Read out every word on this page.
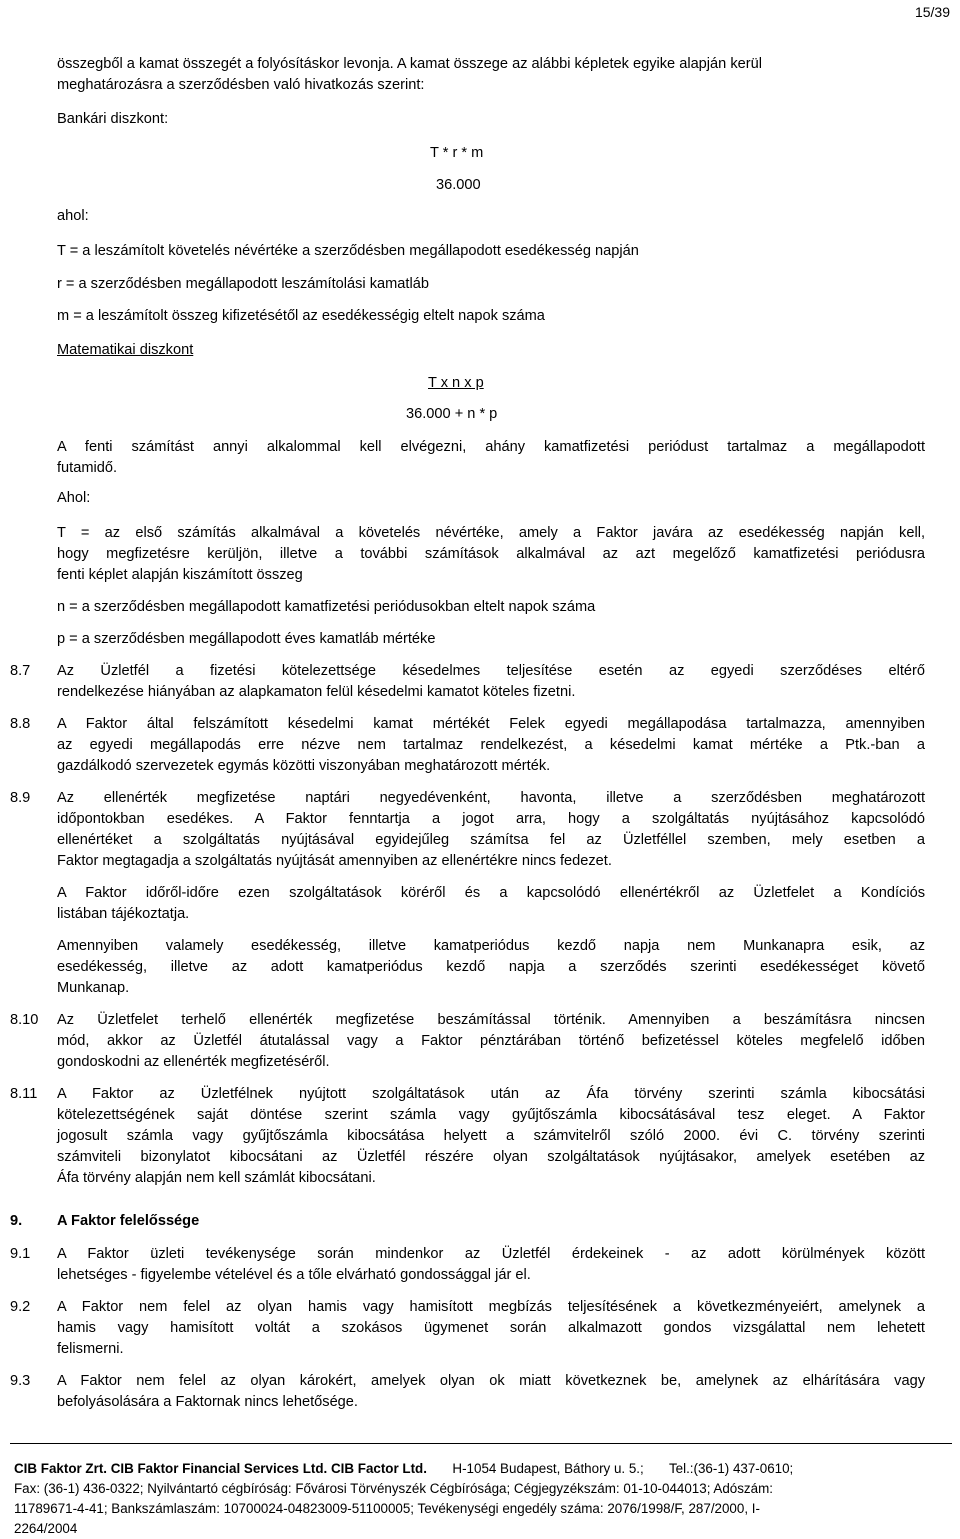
15/39
összegből a kamat összegét a folyósításkor levonja. A kamat összege az alábbi képletek egyike alapján kerül
meghatározásra a szerződésben való hivatkozás szerint:
Bankári diszkont:
T * r * m
36.000
ahol:
T = a leszámítolt követelés névértéke a szerződésben megállapodott esedékesség napján
r = a szerződésben megállapodott leszámítolási kamatláb
m = a leszámítolt összeg kifizetésétől az esedékességig eltelt napok száma
Matematikai diszkont
T x n x p
36.000 + n * p
A fenti számítást annyi alkalommal kell elvégezni, ahány kamatfizetési periódust tartalmaz a megállapodott
futamidő.
Ahol:
T = az első számítás alkalmával a követelés névértéke, amely a Faktor javára az esedékesség napján kell,
hogy megfizetésre kerüljön, illetve a további számítások alkalmával az azt megelőző kamatfizetési periódusra
fenti képlet alapján kiszámított összeg
n = a szerződésben megállapodott kamatfizetési periódusokban eltelt napok száma
p = a szerződésben megállapodott éves kamatláb mértéke
8.7 Az Üzletfél a fizetési kötelezettsége késedelmes teljesítése esetén az egyedi szerződéses eltérő
rendelkezése hiányában az alapkamaton felül késedelmi kamatot köteles fizetni.
8.8 A Faktor által felszámított késedelmi kamat mértékét Felek egyedi megállapodása tartalmazza, amennyiben
az egyedi megállapodás erre nézve nem tartalmaz rendelkezést, a késedelmi kamat mértéke a Ptk.-ban a
gazdálkodó szervezetek egymás közötti viszonyában meghatározott mérték.
8.9 Az ellenérték megfizetése naptári negyedévenként, havonta, illetve a szerződésben meghatározott
időpontokban esedékes. A Faktor fenntartja a jogot arra, hogy a szolgáltatás nyújtásához kapcsolódó
ellenértéket a szolgáltatás nyújtásával egyidejűleg számítsa fel az Üzletféllel szemben, mely esetben a
Faktor megtagadja a szolgáltatás nyújtását amennyiben az ellenértékre nincs fedezet.
A Faktor időről-időre ezen szolgáltatások köréről és a kapcsolódó ellenértékről az Üzletfelet a Kondíciós
listában tájékoztatja.
Amennyiben valamely esedékesség, illetve kamatperiódus kezdő napja nem Munkanapra esik, az
esedékesség, illetve az adott kamatperiódus kezdő napja a szerződés szerinti esedékességet követő
Munkanap.
8.10 Az Üzletfelet terhelő ellenérték megfizetése beszámítással történik. Amennyiben a beszámításra nincsen
mód, akkor az Üzletfél átutalással vagy a Faktor pénztárában történő befizetéssel köteles megfelelő időben
gondoskodni az ellenérték megfizetéséről.
8.11 A Faktor az Üzletfélnek nyújtott szolgáltatások után az Áfa törvény szerinti számla kibocsátási
kötelezettségének saját döntése szerint számla vagy gyűjtőszámla kibocsátásával tesz eleget. A Faktor
jogosult számla vagy gyűjtőszámla kibocsátása helyett a számvitelről szóló 2000. évi C. törvény szerinti
számviteli bizonylatot kibocsátani az Üzletfél részére olyan szolgáltatások nyújtásakor, amelyek esetében az
Áfa törvény alapján nem kell számlát kibocsátani.
9. A Faktor felelőssége
9.1 A Faktor üzleti tevékenysége során mindenkor az Üzletfél érdekeinek - az adott körülmények között
lehetséges - figyelembe vételével és a tőle elvárható gondossággal jár el.
9.2 A Faktor nem felel az olyan hamis vagy hamisított megbízás teljesítésének a következményeiért, amelynek a
hamis vagy hamisított voltát a szokásos ügymenet során alkalmazott gondos vizsgálattal nem lehetett
felismerni.
9.3 A Faktor nem felel az olyan károkért, amelyek olyan ok miatt következnek be, amelynek az elhárítására vagy
befolyásolására a Faktornak nincs lehetősége.
CIB Faktor Zrt. CIB Faktor Financial Services Ltd. CIB Factor Ltd. H-1054 Budapest, Báthory u. 5.; Tel.:(36-1) 437-0610;
Fax: (36-1) 436-0322; Nyilvántartó cégbíróság: Fővárosi Törvényszék Cégbírósága; Cégjegyzékszám: 01-10-044013; Adószám:
11789671-4-41; Bankszámlaszám: 10700024-04823009-51100005; Tevékenységi engedély száma: 2076/1998/F, 287/2000, I-
2264/2004
